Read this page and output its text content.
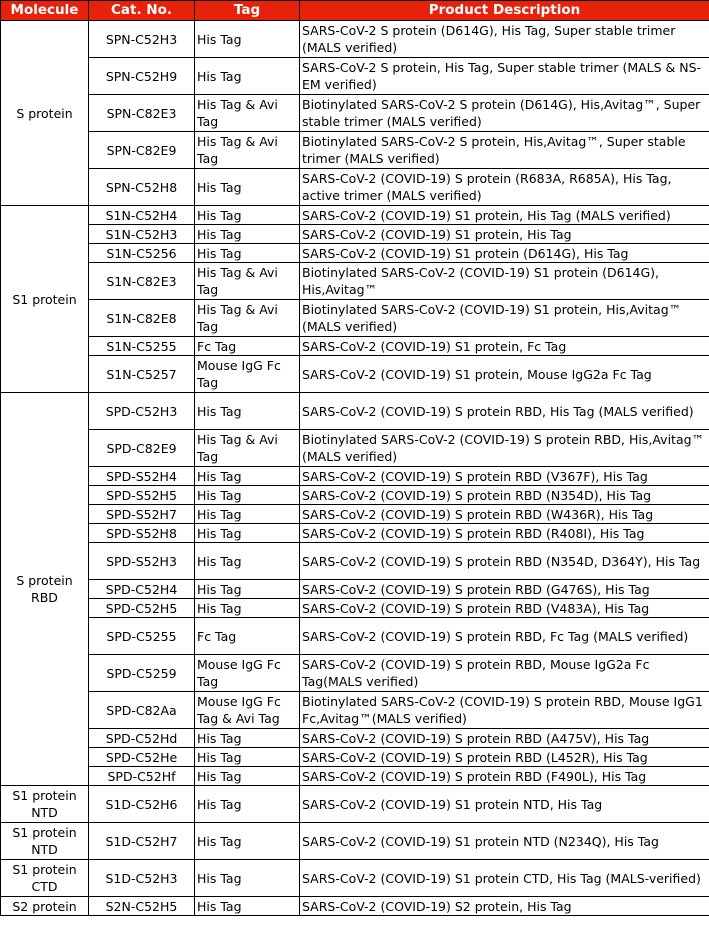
Molecule	Cat. No.	Tag	Product Description
S protein	SPN-C52H3	His Tag	SARS-CoV-2 S protein (D614G), His Tag, Super stable trimer (MALS verified)
	SPN-C52H9	His Tag	SARS-CoV-2 S protein, His Tag, Super stable trimer (MALS & NS-EM verified)
	SPN-C82E3	His Tag & Avi Tag	Biotinylated SARS-CoV-2 S protein (D614G), His,Avitag™, Super stable trimer (MALS verified)
	SPN-C82E9	His Tag & Avi Tag	Biotinylated SARS-CoV-2 S protein, His,Avitag™, Super stable trimer (MALS verified)
	SPN-C52H8	His Tag	SARS-CoV-2 (COVID-19) S protein (R683A, R685A), His Tag, active trimer (MALS verified)
S1 protein	S1N-C52H4	His Tag	SARS-CoV-2 (COVID-19) S1 protein, His Tag (MALS verified)
	S1N-C52H3	His Tag	SARS-CoV-2 (COVID-19) S1 protein, His Tag
	S1N-C5256	His Tag	SARS-CoV-2 (COVID-19) S1 protein (D614G), His Tag
	S1N-C82E3	His Tag & Avi Tag	Biotinylated SARS-CoV-2 (COVID-19) S1 protein (D614G), His,Avitag™
	S1N-C82E8	His Tag & Avi Tag	Biotinylated SARS-CoV-2 (COVID-19) S1 protein, His,Avitag™ (MALS verified)
	S1N-C5255	Fc Tag	SARS-CoV-2 (COVID-19) S1 protein, Fc Tag
	S1N-C5257	Mouse IgG Fc Tag	SARS-CoV-2 (COVID-19) S1 protein, Mouse IgG2a Fc Tag
S protein RBD	SPD-C52H3	His Tag	SARS-CoV-2 (COVID-19) S protein RBD, His Tag (MALS verified)
	SPD-C82E9	His Tag & Avi Tag	Biotinylated SARS-CoV-2 (COVID-19) S protein RBD, His,Avitag™ (MALS verified)
	SPD-S52H4	His Tag	SARS-CoV-2 (COVID-19) S protein RBD (V367F), His Tag
	SPD-S52H5	His Tag	SARS-CoV-2 (COVID-19) S protein RBD (N354D), His Tag
	SPD-S52H7	His Tag	SARS-CoV-2 (COVID-19) S protein RBD (W436R), His Tag
	SPD-S52H8	His Tag	SARS-CoV-2 (COVID-19) S protein RBD (R408I), His Tag
	SPD-S52H3	His Tag	SARS-CoV-2 (COVID-19) S protein RBD (N354D, D364Y), His Tag
	SPD-C52H4	His Tag	SARS-CoV-2 (COVID-19) S protein RBD (G476S), His Tag
	SPD-C52H5	His Tag	SARS-CoV-2 (COVID-19) S protein RBD (V483A), His Tag
	SPD-C5255	Fc Tag	SARS-CoV-2 (COVID-19) S protein RBD, Fc Tag (MALS verified)
	SPD-C5259	Mouse IgG Fc Tag	SARS-CoV-2 (COVID-19) S protein RBD, Mouse IgG2a Fc Tag(MALS verified)
	SPD-C82Aa	Mouse IgG Fc Tag & Avi Tag	Biotinylated SARS-CoV-2 (COVID-19) S protein RBD, Mouse IgG1 Fc,Avitag™(MALS verified)
	SPD-C52Hd	His Tag	SARS-CoV-2 (COVID-19) S protein RBD (A475V), His Tag
	SPD-C52He	His Tag	SARS-CoV-2 (COVID-19) S protein RBD (L452R), His Tag
	SPD-C52Hf	His Tag	SARS-CoV-2 (COVID-19) S protein RBD (F490L), His Tag
S1 protein NTD	S1D-C52H6	His Tag	SARS-CoV-2 (COVID-19) S1 protein NTD, His Tag
S1 protein NTD	S1D-C52H7	His Tag	SARS-CoV-2 (COVID-19) S1 protein NTD (N234Q), His Tag
S1 protein CTD	S1D-C52H3	His Tag	SARS-CoV-2 (COVID-19) S1 protein CTD, His Tag (MALS-verified)
S2 protein	S2N-C52H5	His Tag	SARS-CoV-2 (COVID-19) S2 protein, His Tag
